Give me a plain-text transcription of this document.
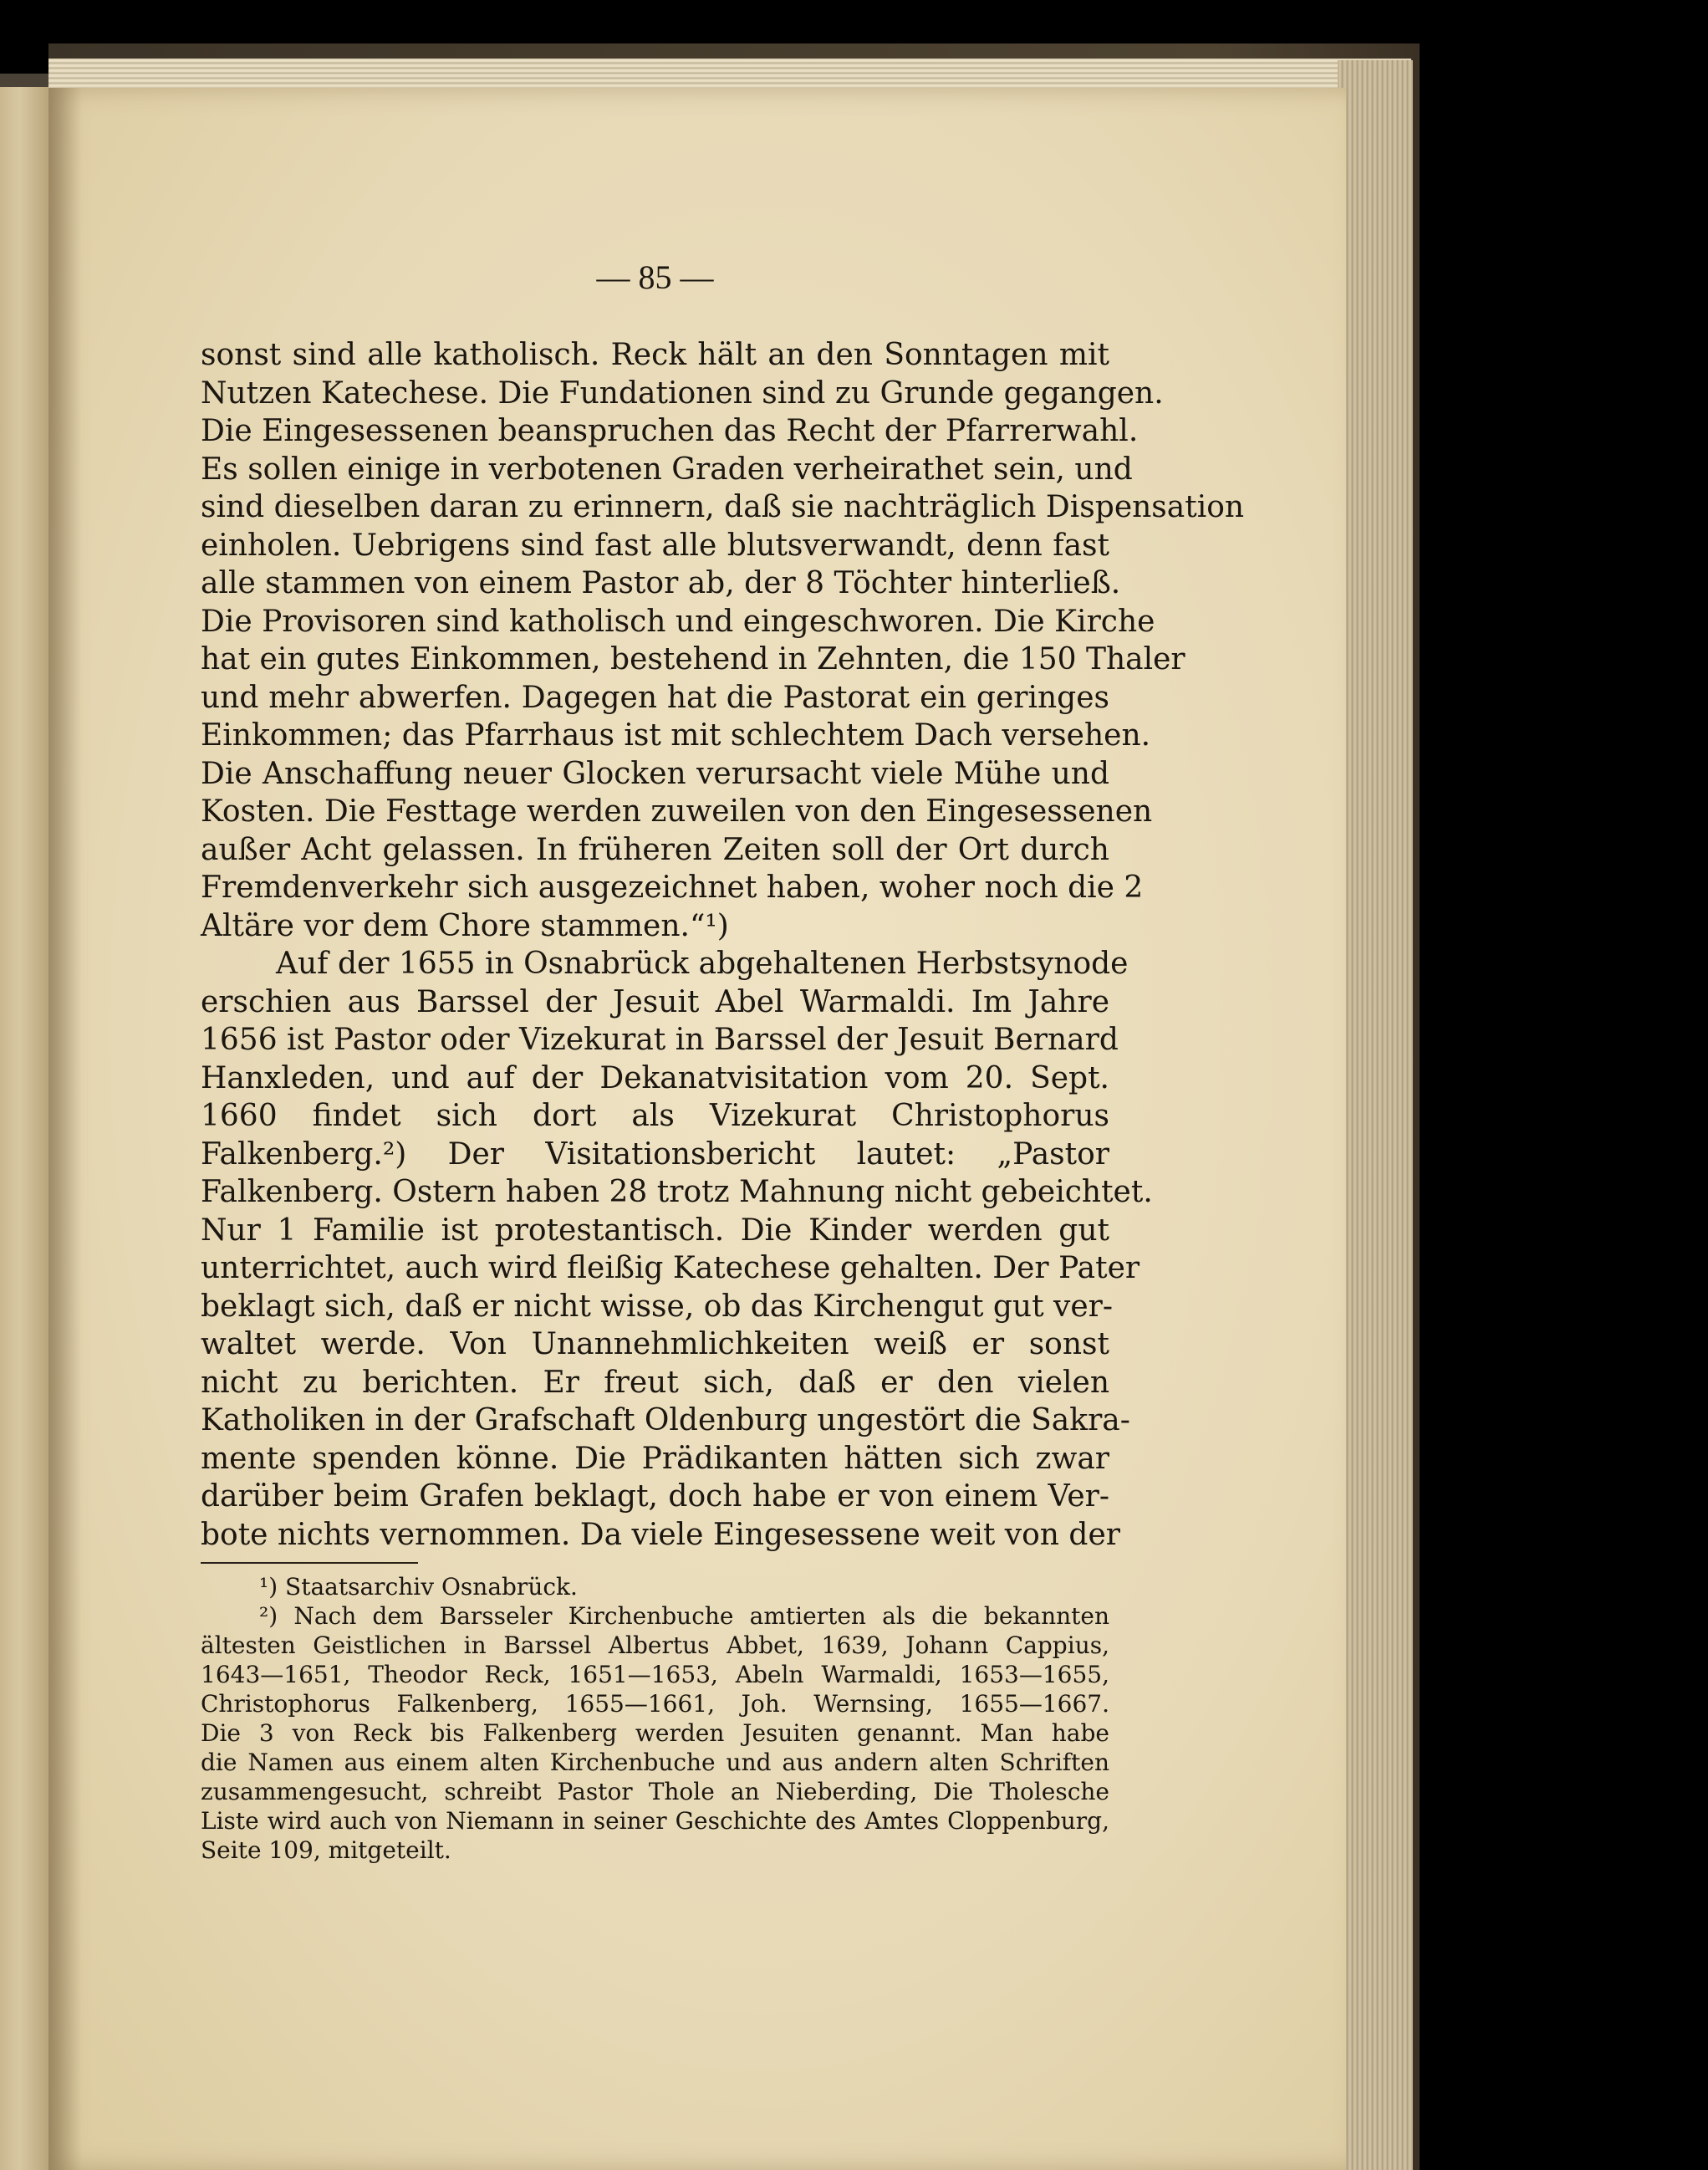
— 85 —
sonst sind alle katholisch. Reck hält an den Sonntagen mit
Nutzen Katechese. Die Fundationen sind zu Grunde gegangen.
Die Eingesessenen beanspruchen das Recht der Pfarrerwahl.
Es sollen einige in verbotenen Graden verheirathet sein, und
sind dieselben daran zu erinnern, daß sie nachträglich Dispensation
einholen. Uebrigens sind fast alle blutsverwandt, denn fast
alle stammen von einem Pastor ab, der 8 Töchter hinterließ.
Die Provisoren sind katholisch und eingeschworen. Die Kirche
hat ein gutes Einkommen, bestehend in Zehnten, die 150 Thaler
und mehr abwerfen. Dagegen hat die Pastorat ein geringes
Einkommen; das Pfarrhaus ist mit schlechtem Dach versehen.
Die Anschaffung neuer Glocken verursacht viele Mühe und
Kosten. Die Festtage werden zuweilen von den Eingesessenen
außer Acht gelassen. In früheren Zeiten soll der Ort durch
Fremdenverkehr sich ausgezeichnet haben, woher noch die 2
Altäre vor dem Chore stammen.“¹)
Auf der 1655 in Osnabrück abgehaltenen Herbstsynode
erschien aus Barssel der Jesuit Abel Warmaldi. Im Jahre
1656 ist Pastor oder Vizekurat in Barssel der Jesuit Bernard
Hanxleden, und auf der Dekanatvisitation vom 20. Sept.
1660 findet sich dort als Vizekurat Christophorus
Falkenberg.²) Der Visitationsbericht lautet: „Pastor
Falkenberg. Ostern haben 28 trotz Mahnung nicht gebeichtet.
Nur 1 Familie ist protestantisch. Die Kinder werden gut
unterrichtet, auch wird fleißig Katechese gehalten. Der Pater
beklagt sich, daß er nicht wisse, ob das Kirchengut gut ver-
waltet werde. Von Unannehmlichkeiten weiß er sonst
nicht zu berichten. Er freut sich, daß er den vielen
Katholiken in der Grafschaft Oldenburg ungestört die Sakra-
mente spenden könne. Die Prädikanten hätten sich zwar
darüber beim Grafen beklagt, doch habe er von einem Ver-
bote nichts vernommen. Da viele Eingesessene weit von der
¹) Staatsarchiv Osnabrück.
²) Nach dem Barsseler Kirchenbuche amtierten als die bekannten
ältesten Geistlichen in Barssel Albertus Abbet, 1639, Johann Cappius,
1643—1651, Theodor Reck, 1651—1653, Abeln Warmaldi, 1653—1655,
Christophorus Falkenberg, 1655—1661, Joh. Wernsing, 1655—1667.
Die 3 von Reck bis Falkenberg werden Jesuiten genannt. Man habe
die Namen aus einem alten Kirchenbuche und aus andern alten Schriften
zusammengesucht, schreibt Pastor Thole an Nieberding, Die Tholesche
Liste wird auch von Niemann in seiner Geschichte des Amtes Cloppenburg,
Seite 109, mitgeteilt.
